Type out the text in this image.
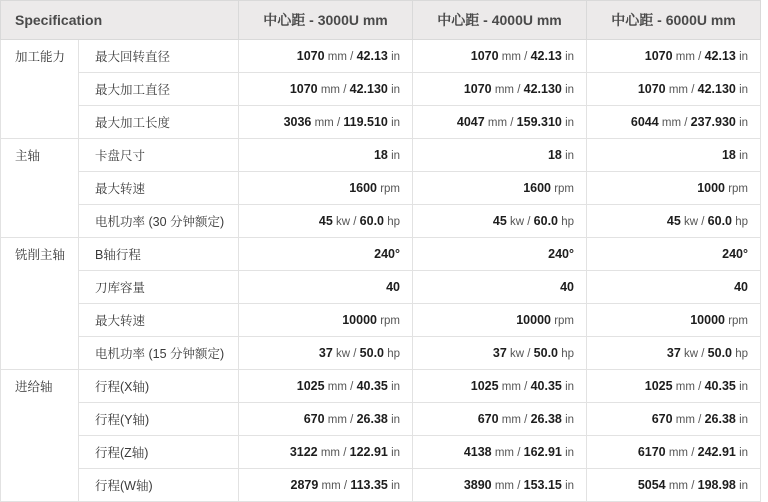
Specification		中心距 - 3000U mm	中心距 - 4000U mm	中心距 - 6000U mm
加工能力	最大回转直径	1070 mm / 42.13 in	1070 mm / 42.13 in	1070 mm / 42.13 in
	最大加工直径	1070 mm / 42.130 in	1070 mm / 42.130 in	1070 mm / 42.130 in
	最大加工长度	3036 mm / 119.510 in	4047 mm / 159.310 in	6044 mm / 237.930 in
主轴	卡盘尺寸	18 in	18 in	18 in
	最大转速	1600 rpm	1600 rpm	1000 rpm
	电机功率 (30 分钟额定)	45 kw / 60.0 hp	45 kw / 60.0 hp	45 kw / 60.0 hp
铣削主轴	B轴行程	240°	240°	240°
	刀库容量	40	40	40
	最大转速	10000 rpm	10000 rpm	10000 rpm
	电机功率 (15 分钟额定)	37 kw / 50.0 hp	37 kw / 50.0 hp	37 kw / 50.0 hp
进给轴	行程(X轴)	1025 mm / 40.35 in	1025 mm / 40.35 in	1025 mm / 40.35 in
	行程(Y轴)	670 mm / 26.38 in	670 mm / 26.38 in	670 mm / 26.38 in
	行程(Z轴)	3122 mm / 122.91 in	4138 mm / 162.91 in	6170 mm / 242.91 in
	行程(W轴)	2879 mm / 113.35 in	3890 mm / 153.15 in	5054 mm / 198.98 in
